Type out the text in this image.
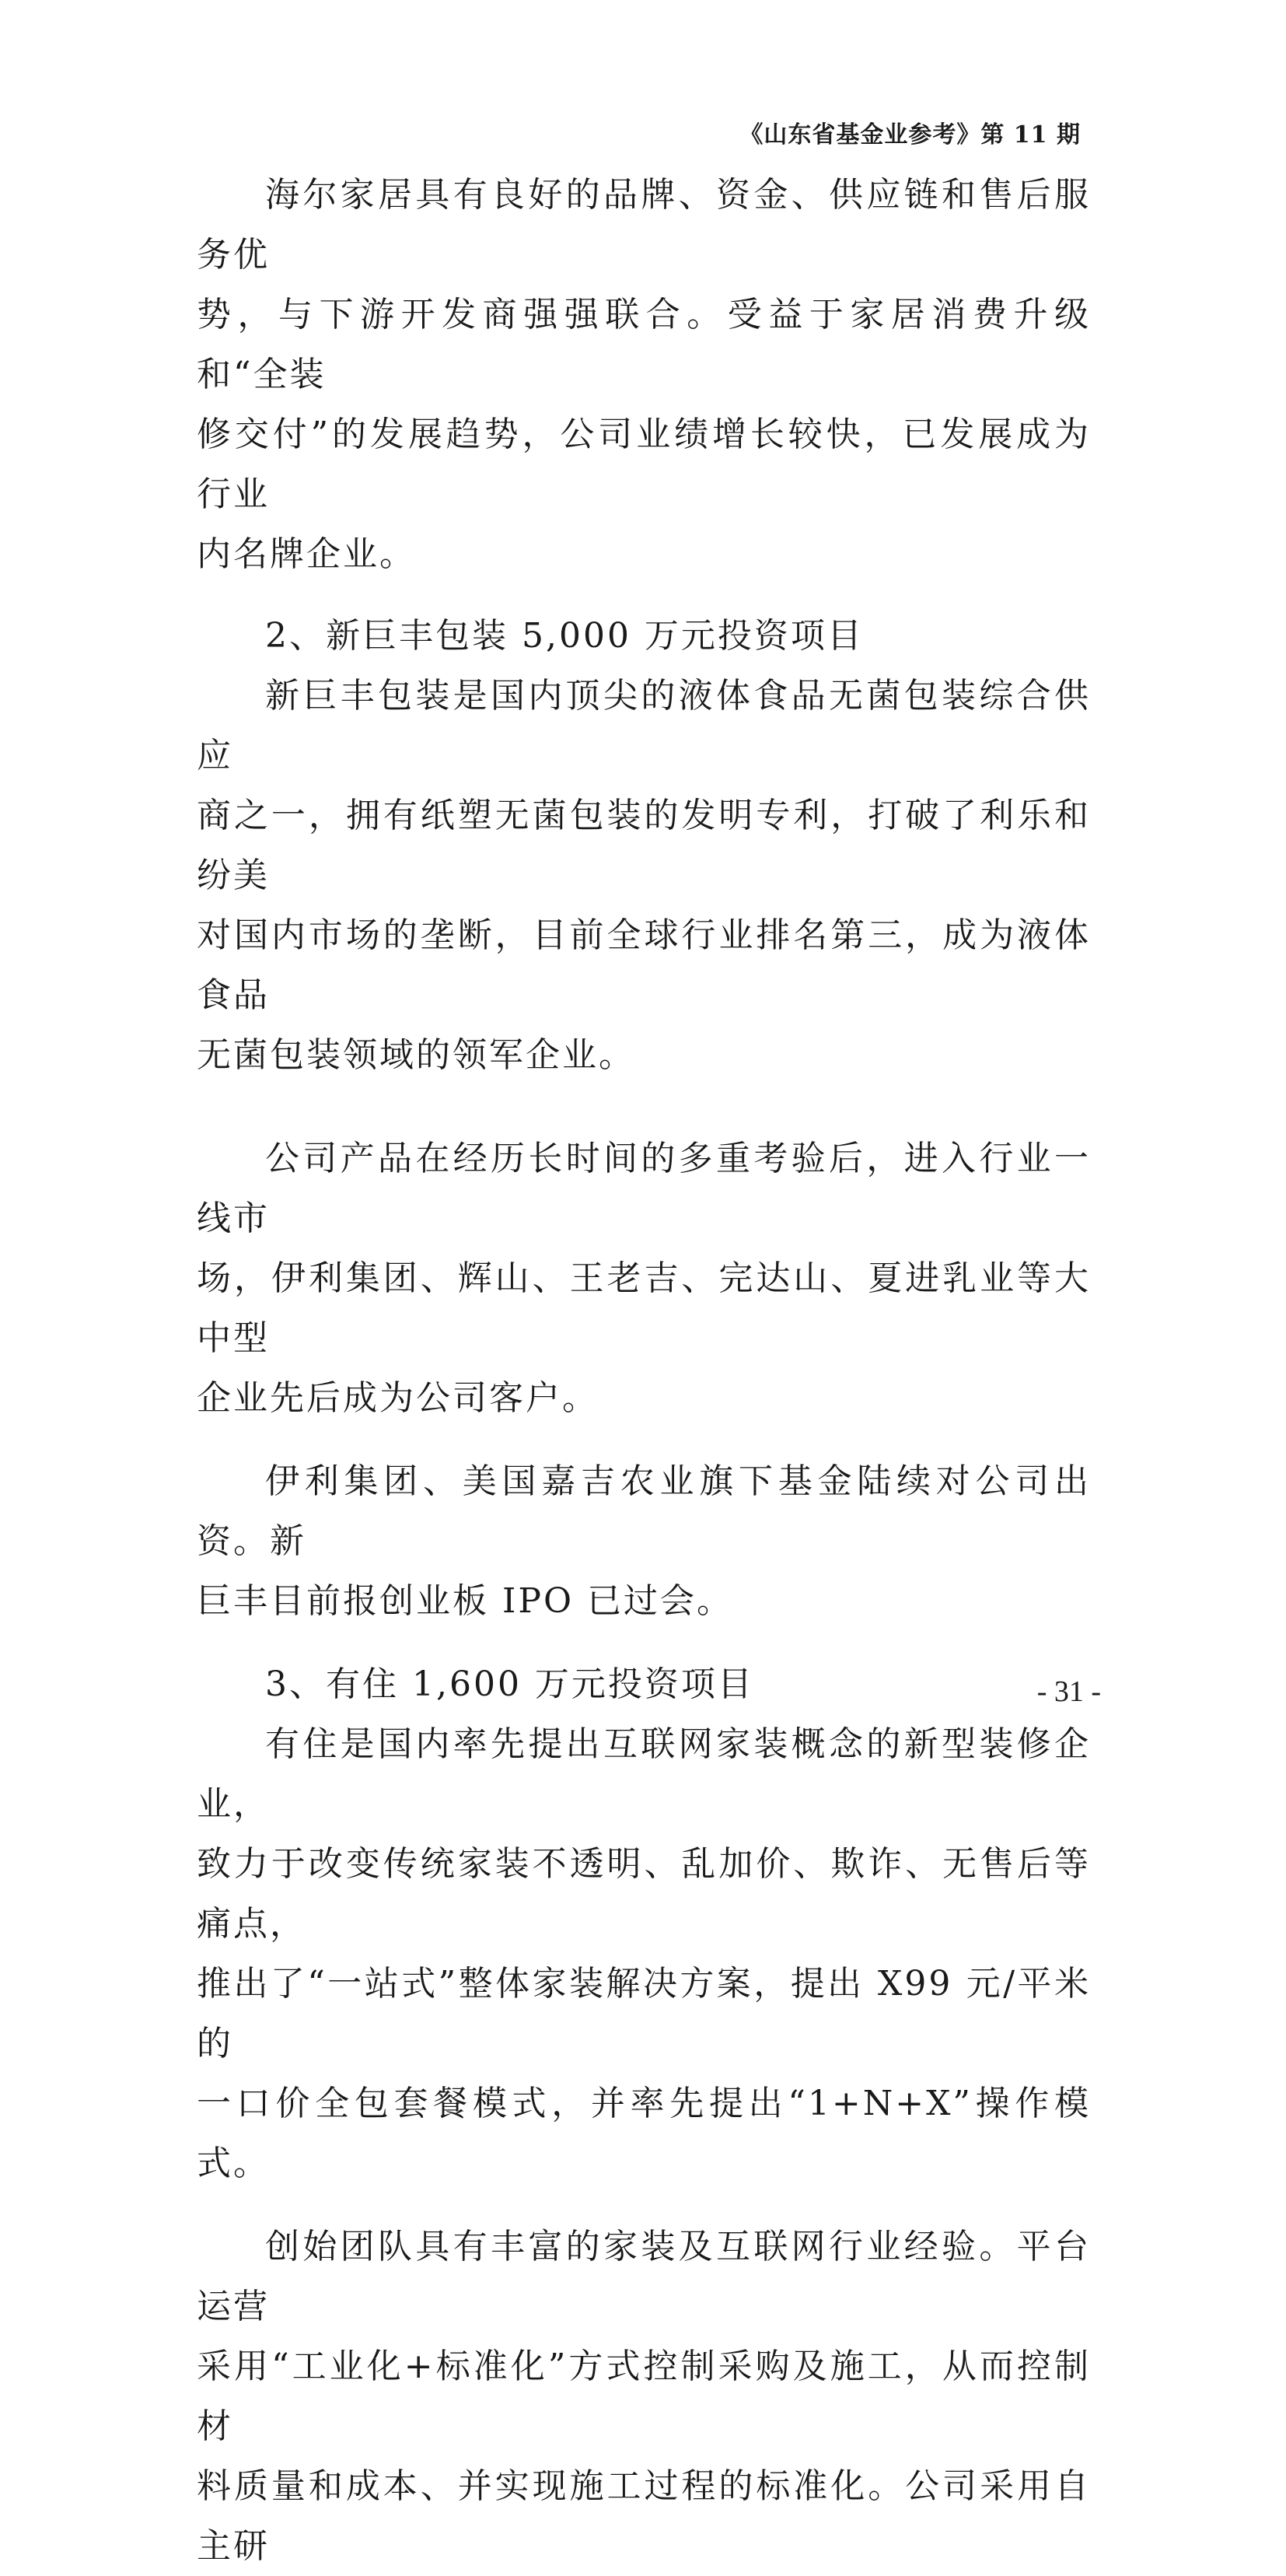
《山东省基金业参考》第 11 期

海尔家居具有良好的品牌、资金、供应链和售后服务优
势，与下游开发商强强联合。受益于家居消费升级和“全装
修交付”的发展趋势，公司业绩增长较快，已发展成为行业
内名牌企业。

2、新巨丰包装 5,000 万元投资项目

新巨丰包装是国内顶尖的液体食品无菌包装综合供应
商之一，拥有纸塑无菌包装的发明专利，打破了利乐和纷美
对国内市场的垄断，目前全球行业排名第三，成为液体食品
无菌包装领域的领军企业。

公司产品在经历长时间的多重考验后，进入行业一线市
场，伊利集团、辉山、王老吉、完达山、夏进乳业等大中型
企业先后成为公司客户。

伊利集团、美国嘉吉农业旗下基金陆续对公司出资。新
巨丰目前报创业板 IPO 已过会。

3、有住 1,600 万元投资项目

有住是国内率先提出互联网家装概念的新型装修企业，
致力于改变传统家装不透明、乱加价、欺诈、无售后等痛点，
推出了“一站式”整体家装解决方案，提出 X99 元/平米的
一口价全包套餐模式，并率先提出“1+N+X”操作模式。

创始团队具有丰富的家装及互联网行业经验。平台运营
采用“工业化+标准化”方式控制采购及施工，从而控制材
料质量和成本、并实现施工过程的标准化。公司采用自主研

- 31 -
